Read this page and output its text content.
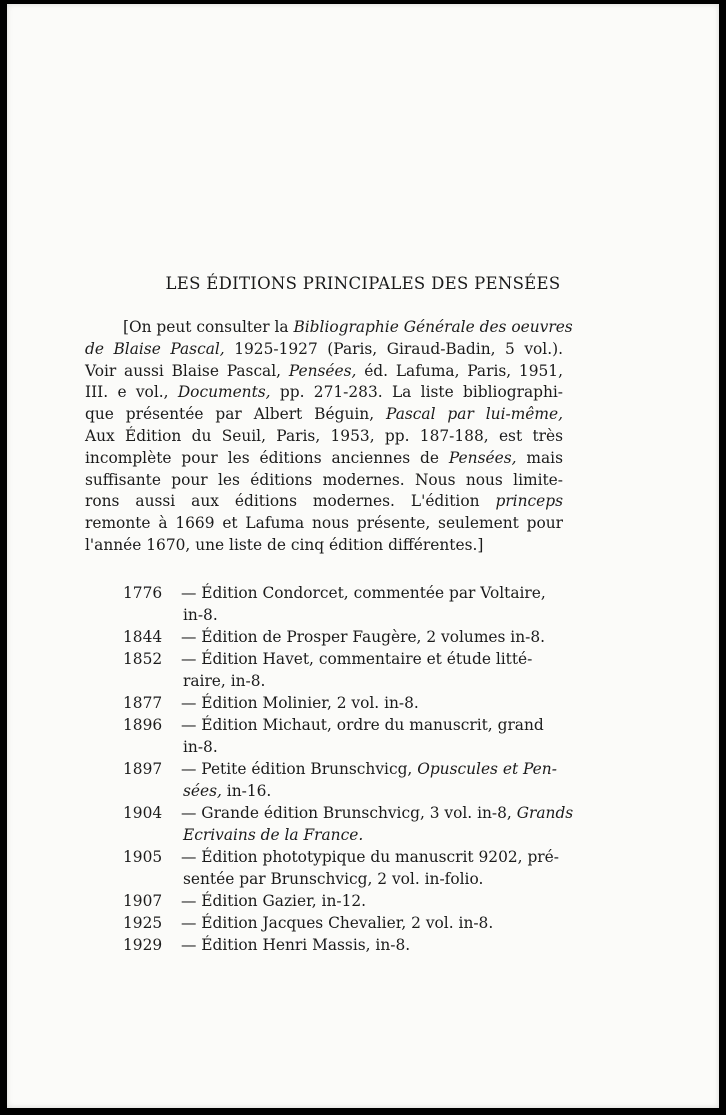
LES ÉDITIONS PRINCIPALES DES PENSÉES
[On peut consulter la Bibliographie Générale des oeuvres
de Blaise Pascal, 1925-1927 (Paris, Giraud-Badin, 5 vol.).
Voir aussi Blaise Pascal, Pensées, éd. Lafuma, Paris, 1951,
III. e vol., Documents, pp. 271-283. La liste bibliographi-
que présentée par Albert Béguin, Pascal par lui-même,
Aux Édition du Seuil, Paris, 1953, pp. 187-188, est très
incomplète pour les éditions anciennes de Pensées, mais
suffisante pour les éditions modernes. Nous nous limite-
rons aussi aux éditions modernes. L'édition princeps
remonte à 1669 et Lafuma nous présente, seulement pour
l'année 1670, une liste de cinq édition différentes.]
1776	— Édition Condorcet, commentée par Voltaire,
in-8.
1844	— Édition de Prosper Faugère, 2 volumes in-8.
1852	— Édition Havet, commentaire et étude litté-
raire, in-8.
1877	— Édition Molinier, 2 vol. in-8.
1896	— Édition Michaut, ordre du manuscrit, grand
in-8.
1897	— Petite édition Brunschvicg, Opuscules et Pen-
sées, in-16.
1904	— Grande édition Brunschvicg, 3 vol. in-8, Grands
Ecrivains de la France.
1905	— Édition phototypique du manuscrit 9202, pré-
sentée par Brunschvicg, 2 vol. in-folio.
1907	— Édition Gazier, in-12.
1925	— Édition Jacques Chevalier, 2 vol. in-8.
1929	— Édition Henri Massis, in-8.
